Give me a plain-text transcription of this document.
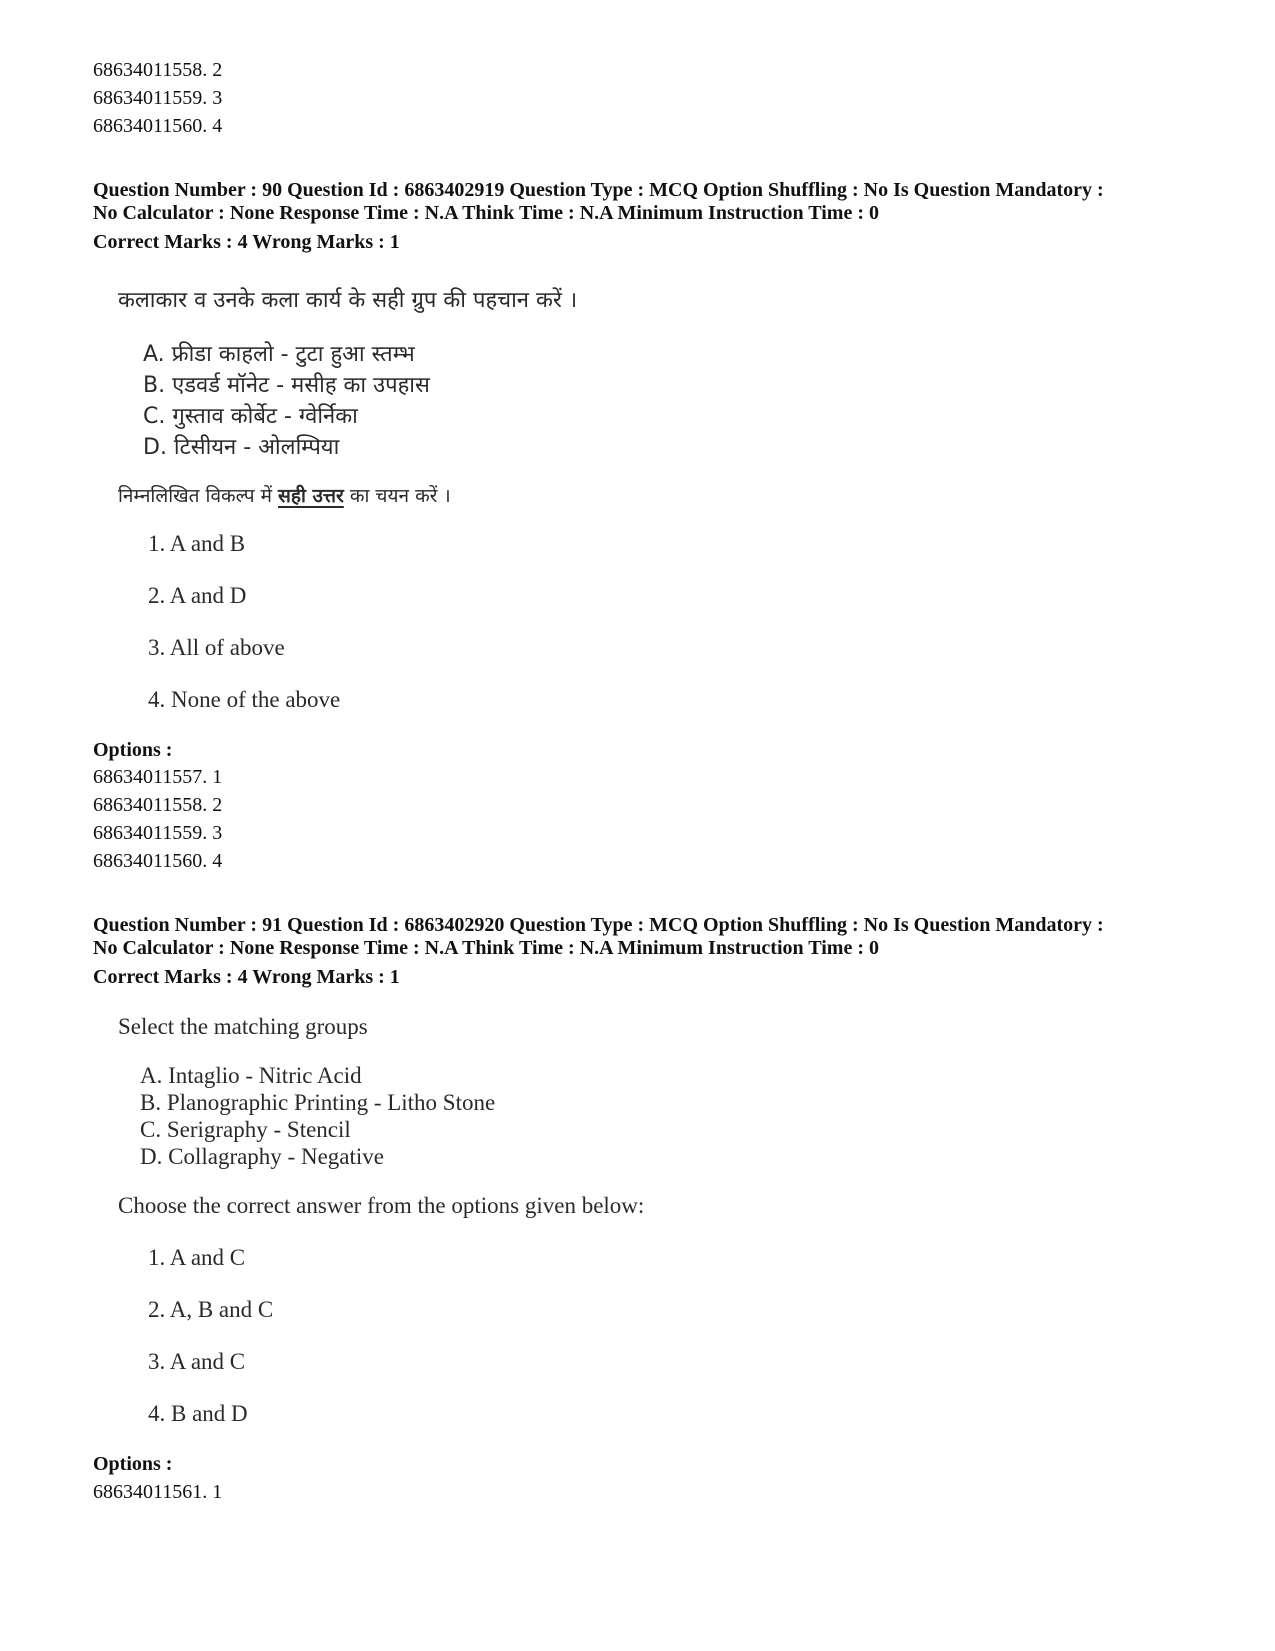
68634011558. 2
68634011559. 3
68634011560. 4
Question Number : 90 Question Id : 6863402919 Question Type : MCQ Option Shuffling : No Is Question Mandatory :
No Calculator : None Response Time : N.A Think Time : N.A Minimum Instruction Time : 0
Correct Marks : 4 Wrong Marks : 1
कलाकार व उनके कला कार्य के सही ग्रुप की पहचान करें ।
A. फ्रीडा काहलो - टुटा हुआ स्तम्भ
B. एडवर्ड मॉनेट - मसीह का उपहास
C. गुस्ताव कोर्बेट - ग्वेर्निका
D. टिसीयन - ओलम्पिया
निम्नलिखित विकल्प में सही उत्तर का चयन करें ।
1. A and B
2. A and D
3. All of above
4. None of the above
Options :
68634011557. 1
68634011558. 2
68634011559. 3
68634011560. 4
Question Number : 91 Question Id : 6863402920 Question Type : MCQ Option Shuffling : No Is Question Mandatory :
No Calculator : None Response Time : N.A Think Time : N.A Minimum Instruction Time : 0
Correct Marks : 4 Wrong Marks : 1
Select the matching groups
A. Intaglio - Nitric Acid
B. Planographic Printing - Litho Stone
C. Serigraphy - Stencil
D. Collagraphy - Negative
Choose the correct answer from the options given below:
1. A and C
2. A, B and C
3. A and C
4. B and D
Options :
68634011561. 1
